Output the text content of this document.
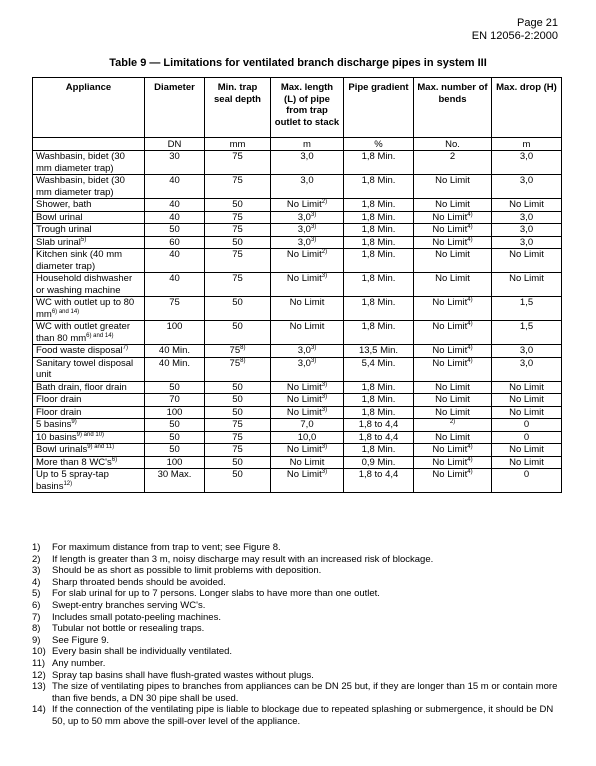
Page 21
EN 12056-2:2000
Table 9 — Limitations for ventilated branch discharge pipes in system III
Appliance	Diameter	Min. trap seal depth	Max. length (L) of pipe from trap outlet to stack	Pipe gradient	Max. number of bends	Max. drop (H)
	DN	mm	m	%	No.	m
Washbasin, bidet (30 mm diameter trap)	30	75	3,0	1,8 Min.	2	3,0
Washbasin, bidet (30 mm diameter trap)	40	75	3,0	1,8 Min.	No Limit	3,0
Shower, bath	40	50	No Limit$^{2)}$	1,8 Min.	No Limit	No Limit
Bowl urinal	40	75	3,0$^{3)}$	1,8 Min.	No Limit$^{4)}$	3,0
Trough urinal	50	75	3,0$^{3)}$	1,8 Min.	No Limit$^{4)}$	3,0
Slab urinal$^{5)}$	60	50	3,0$^{3)}$	1,8 Min.	No Limit$^{4)}$	3,0
Kitchen sink (40 mm diameter trap)	40	75	No Limit$^{2)}$	1,8 Min.	No Limit	No Limit
Household dishwasher or washing machine	40	75	No Limit$^{3)}$	1,8 Min.	No Limit	No Limit
WC with outlet up to 80 $mm^{6) and 14)}$	75	50	No Limit	1,8 Min.	No Limit$^{4)}$	1,5
WC with outlet greater than 80 $mm^{6) and 14)}$	100	50	No Limit	1,8 Min.	No Limit$^{4)}$	1,5
Food waste disposal$^{7)}$	40 Min.	75$^{8)}$	3,0$^{3)}$	13,5 Min.	No Limit$^{4)}$	3,0
Sanitary towel disposal unit	40 Min.	75$^{8)}$	3,0$^{3)}$	5,4 Min.	No Limit$^{4)}$	3,0
Bath drain, floor drain	50	50	No Limit$^{3)}$	1,8 Min.	No Limit	No Limit
Floor drain	70	50	No Limit$^{3)}$	1,8 Min.	No Limit	No Limit
Floor drain	100	50	No Limit$^{3)}$	1,8 Min.	No Limit	No Limit
5 basins$^{9)}$	50	75	7,0	1,8 to 4,4	$^{2)}$	0
10 basins$^{9) and 10)}$	50	75	10,0	1,8 to 4,4	No Limit	0
Bowl urinals$^{9) and 11)}$	50	75	No Limit$^{3)}$	1,8 Min.	No Limit$^{4)}$	No Limit
More than 8 $WC's^{6)}$	100	50	No Limit	0,9 Min.	No Limit$^{4)}$	No Limit
Up to 5 spray-tap basins$^{12)}$	30 Max.	50	No Limit$^{3)}$	1,8 to 4,4	No Limit$^{4)}$	0
1)	For maximum distance from trap to vent; see Figure 8.
2)	If length is greater than 3 m, noisy discharge may result with an increased risk of blockage.
3)	Should be as short as possible to limit problems with deposition.
4)	Sharp throated bends should be avoided.
5)	For slab urinal for up to 7 persons. Longer slabs to have more than one outlet.
6)	Swept-entry branches serving WC's.
7)	Includes small potato-peeling machines.
8)	Tubular not bottle or resealing traps.
9)	See Figure 9.
10) Every basin shall be individually ventilated.
11) Any number.
12) Spray tap basins shall have flush-grated wastes without plugs.
13) The size of ventilating pipes to branches from appliances can be DN 25 but, if they are longer than 15 m or contain more than five bends, a DN 30 pipe shall be used.
14) If the connection of the ventilating pipe is liable to blockage due to repeated splashing or submergence, it should be DN 50, up to 50 mm above the spill-over level of the appliance.
